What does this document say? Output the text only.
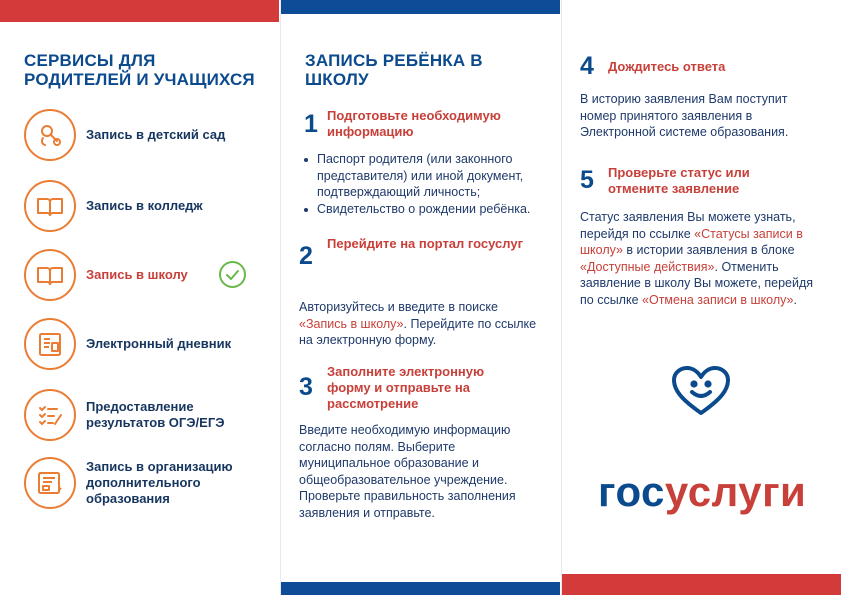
СЕРВИСЫ ДЛЯ
РОДИТЕЛЕЙ И УЧАЩИХСЯ
Запись в детский сад
Запись в колледж
Запись в школу
Электронный дневник
Предоставление
результатов ОГЭ/ЕГЭ
Запись в организацию
дополнительного
образования
ЗАПИСЬ РЕБЁНКА В
ШКОЛУ
1 Подготовьте необходимую
информацию
Паспорт родителя (или законного
представителя) или иной документ,
подтверждающий личность;
Свидетельство о рождении ребёнка.
2 Перейдите на портал госуслуг
Авторизуйтесь и введите в поиске
«Запись в школу». Перейдите по ссылке
на электронную форму.
3
Заполните электронную
форму и отправьте на
рассмотрение
Введите необходимую информацию
согласно полям. Выберите
муниципальное образование и
общеобразовательное учреждение.
Проверьте правильность заполнения
заявления и отправьте.
4 Дождитесь ответа
В историю заявления Вам поступит
номер принятого заявления в
Электронной системе образования.
5 Проверьте статус или
отмените заявление
Статус заявления Вы можете узнать,
перейдя по ссылке «Статусы записи в
школу» в истории заявления в блоке
«Доступные действия». Отменить
заявление в школу Вы можете, перейдя
по ссылке «Отмена записи в школу».
госуслуги
